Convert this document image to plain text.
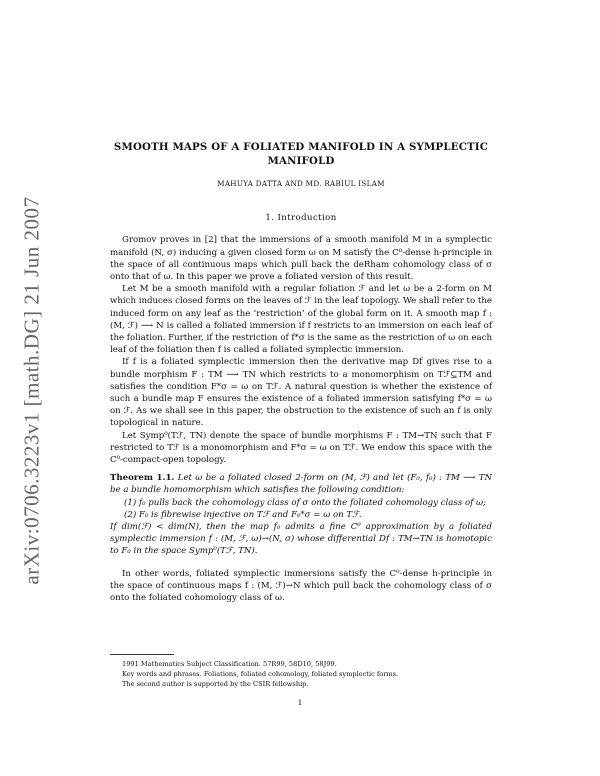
arXiv:0706.3223v1 [math.DG] 21 Jun 2007
SMOOTH MAPS OF A FOLIATED MANIFOLD IN A SYMPLECTIC MANIFOLD
MAHUYA DATTA AND MD. RABIUL ISLAM
1. Introduction

Gromov proves in [2] that the immersions of a smooth manifold M in a symplectic manifold (N, σ) inducing a given closed form ω on M satisfy the C⁰-dense h-principle in the space of all continuous maps which pull back the deRham cohomology class of σ onto that of ω. In this paper we prove a foliated version of this result.

Let M be a smooth manifold with a regular foliation ℱ and let ω be a 2-form on M which induces closed forms on the leaves of ℱ in the leaf topology. We shall refer to the induced form on any leaf as the ‘restriction’ of the global form on it. A smooth map f : (M, ℱ) ⟶ N is called a foliated immersion if f restricts to an immersion on each leaf of the foliation. Further, if the restriction of f*σ is the same as the restriction of ω on each leaf of the foliation then f is called a foliated symplectic immersion.

If f is a foliated symplectic immersion then the derivative map Df gives rise to a bundle morphism F : TM ⟶ TN which restricts to a monomorphism on Tℱ⊆TM and satisfies the condition F*σ = ω on Tℱ. A natural question is whether the existence of such a bundle map F ensures the existence of a foliated immersion satisfying f*σ = ω on ℱ. As we shall see in this paper, the obstruction to the existence of such an f is only topological in nature.

Let Symp⁰(Tℱ, TN) denote the space of bundle morphisms F : TM→TN such that F restricted to Tℱ is a monomorphism and F*σ = ω on Tℱ. We endow this space with the C⁰-compact-open topology.

Theorem 1.1. Let ω be a foliated closed 2-form on (M, ℱ) and let (F₀, f₀) : TM ⟶ TN be a bundle homomorphism which satisfies the following condition:
(1) f₀ pulls back the cohomology class of σ onto the foliated cohomology class of ω;
(2) F₀ is fibrewise injective on Tℱ and F₀*σ = ω on Tℱ.
If dim(ℱ) < dim(N), then the map f₀ admits a fine C⁰ approximation by a foliated symplectic immersion f : (M, ℱ, ω)→(N, σ) whose differential Df : TM→TN is homotopic to F₀ in the space Symp⁰(Tℱ, TN).

In other words, foliated symplectic immersions satisfy the C⁰-dense h-principle in the space of continuous maps f : (M, ℱ)→N which pull back the cohomology class of σ onto the foliated cohomology class of ω.

1991 Mathematics Subject Classification. 57R99, 58D10, 58J99.
Key words and phrases. Foliations, foliated cohomology, foliated symplectic forms.
The second author is supported by the CSIR fellowship.
1
